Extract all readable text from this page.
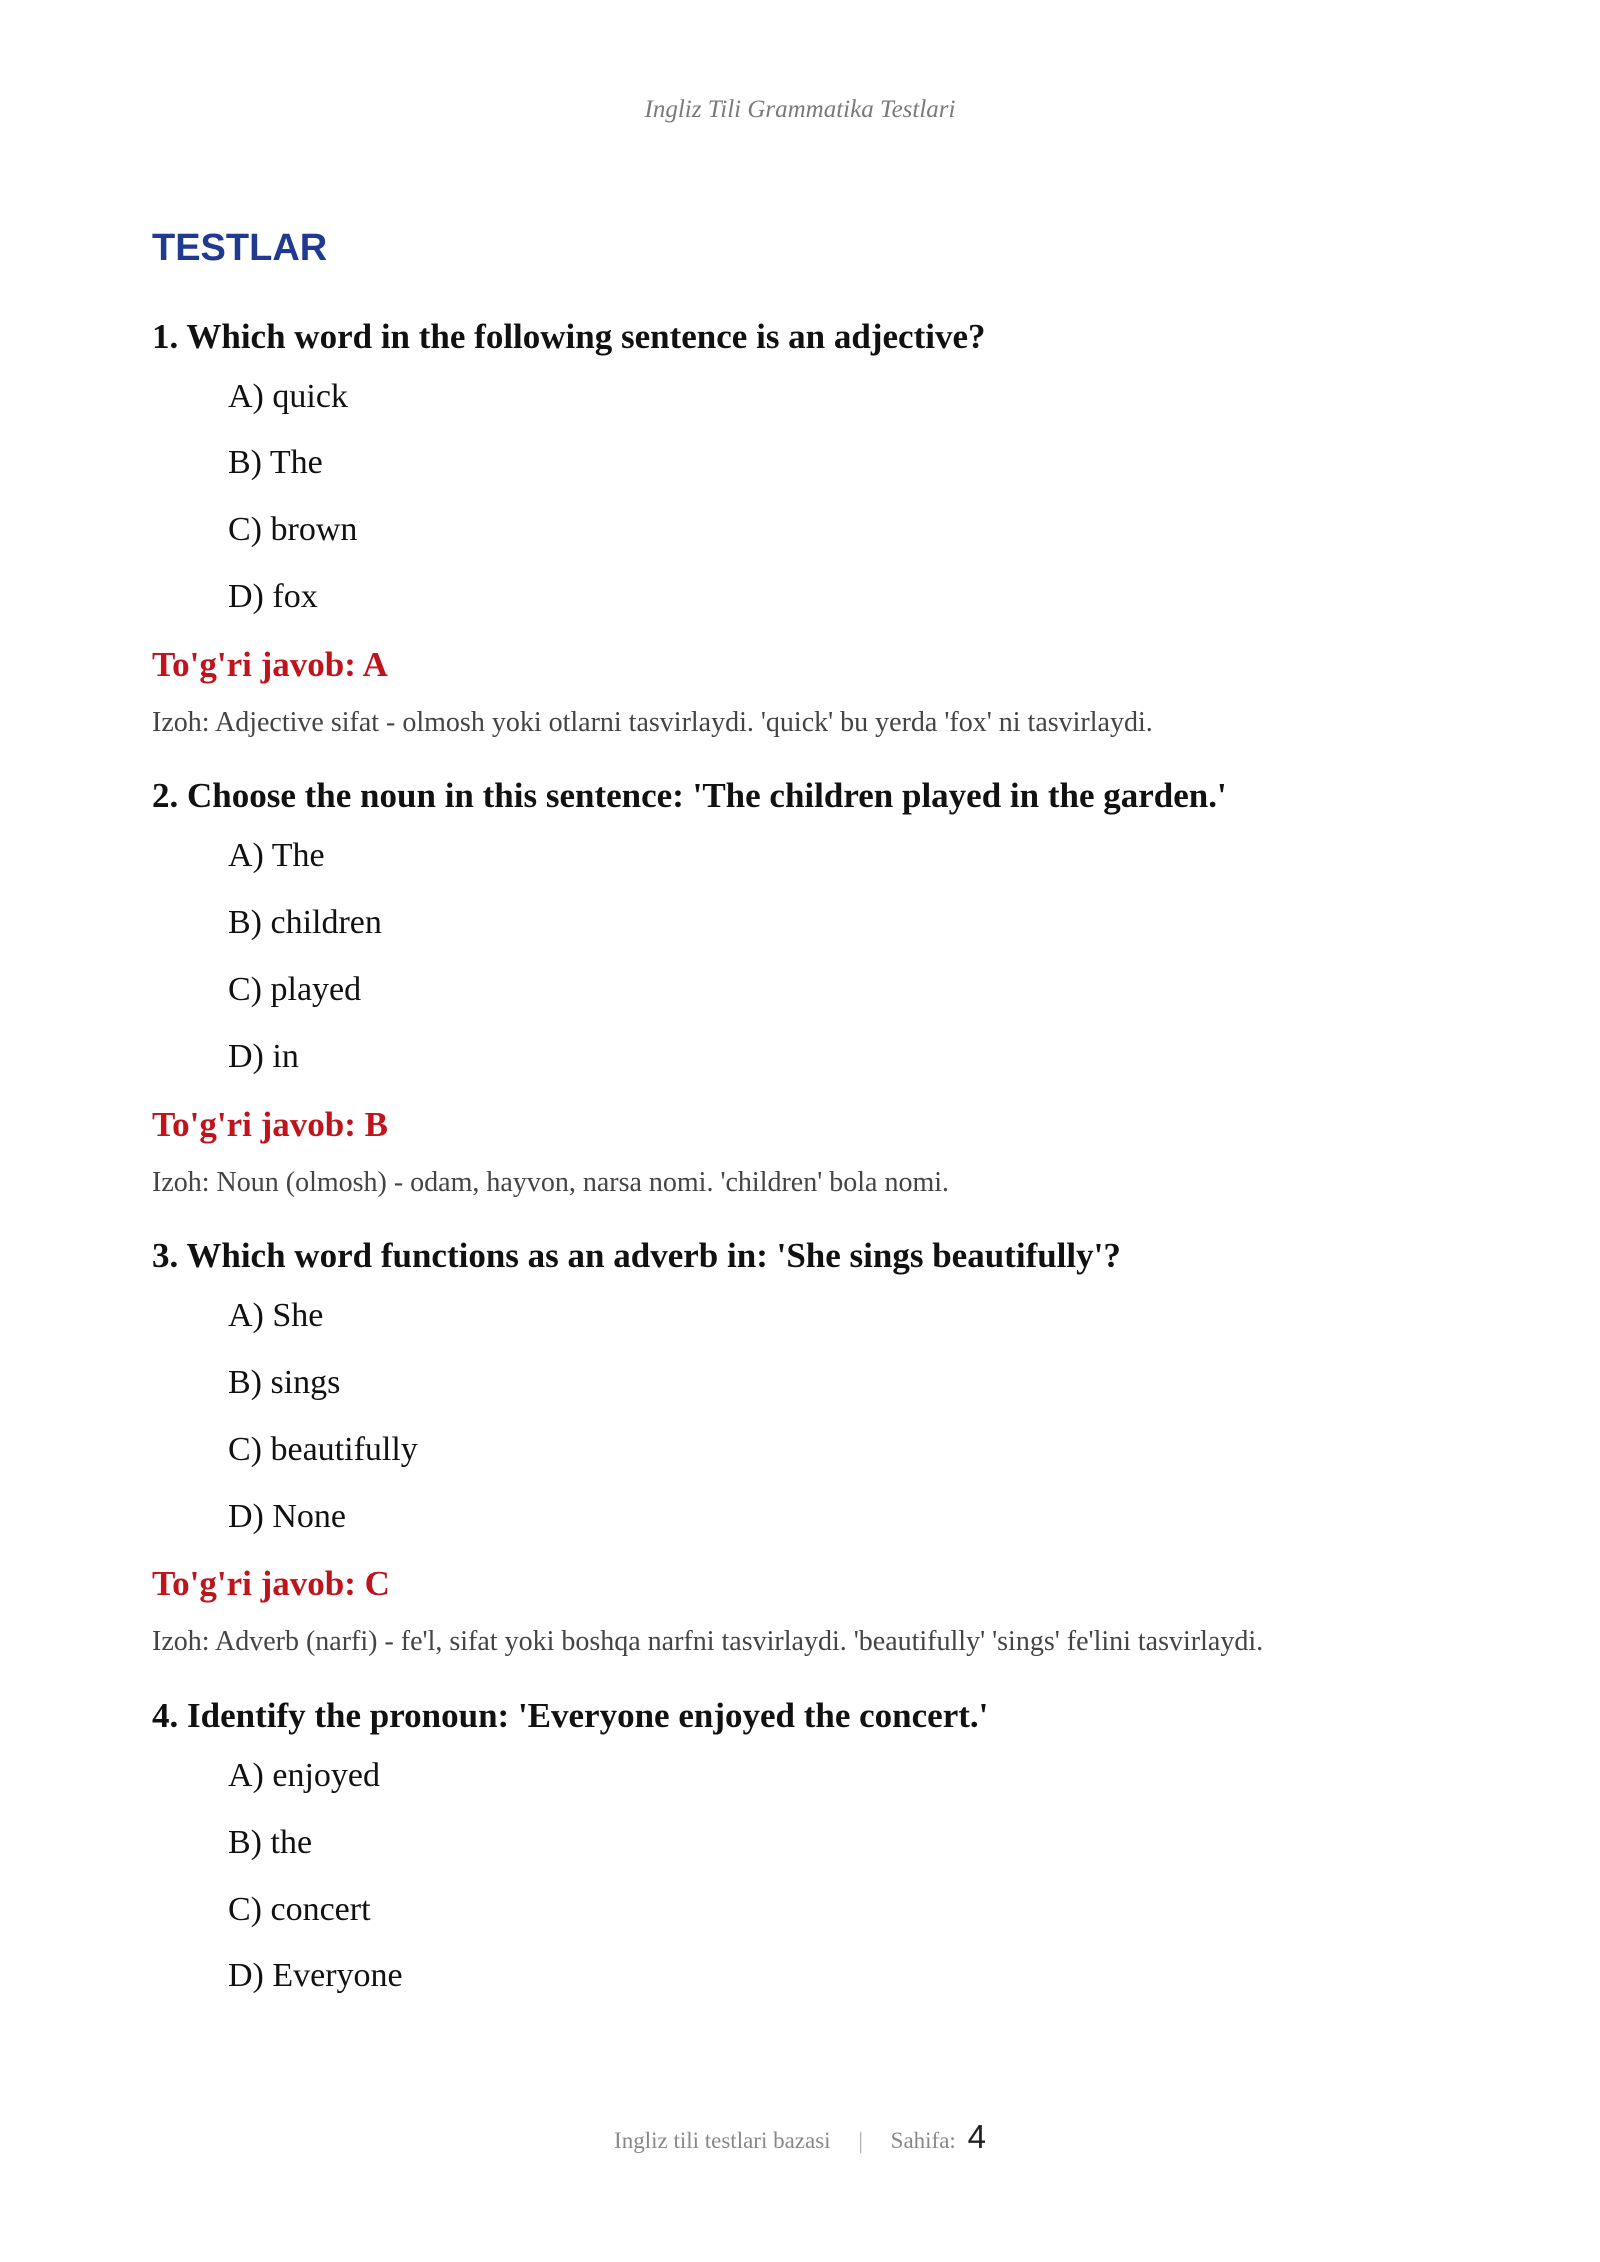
Ingliz Tili Grammatika Testlari
TESTLAR
1. Which word in the following sentence is an adjective?
A) quick
B) The
C) brown
D) fox
To'g'ri javob: A
Izoh: Adjective sifat - olmosh yoki otlarni tasvirlaydi. 'quick' bu yerda 'fox' ni tasvirlaydi.
2. Choose the noun in this sentence: 'The children played in the garden.'
A) The
B) children
C) played
D) in
To'g'ri javob: B
Izoh: Noun (olmosh) - odam, hayvon, narsa nomi. 'children' bola nomi.
3. Which word functions as an adverb in: 'She sings beautifully'?
A) She
B) sings
C) beautifully
D) None
To'g'ri javob: C
Izoh: Adverb (narfi) - fe'l, sifat yoki boshqa narfni tasvirlaydi. 'beautifully' 'sings' fe'lini tasvirlaydi.
4. Identify the pronoun: 'Everyone enjoyed the concert.'
A) enjoyed
B) the
C) concert
D) Everyone
Ingliz tili testlari bazasi | Sahifa: 4
